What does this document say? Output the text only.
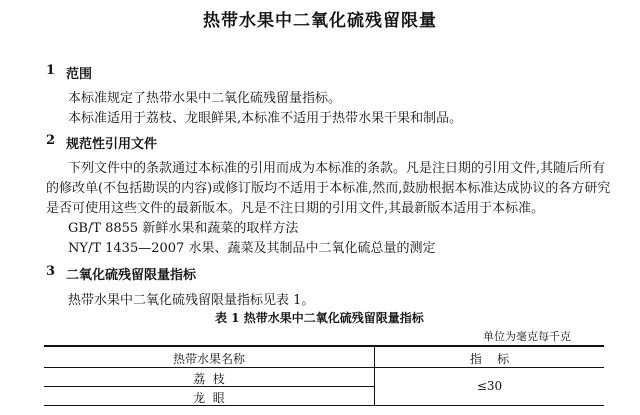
热带水果中二氧化硫残留限量
1 范围
本标准规定了热带水果中二氧化硫残留量指标。
本标准适用于荔枝、龙眼鲜果,本标准不适用于热带水果干果和制品。
2 规范性引用文件
下列文件中的条款通过本标准的引用而成为本标准的条款。凡是注日期的引用文件,其随后所有
的修改单(不包括勘误的内容)或修订版均不适用于本标准,然而,鼓励根据本标准达成协议的各方研究
是否可使用这些文件的最新版本。凡是不注日期的引用文件,其最新版本适用于本标准。
GB/T 8855 新鲜水果和蔬菜的取样方法
NY/T 1435—2007 水果、蔬菜及其制品中二氧化硫总量的测定
3 二氧化硫残留限量指标
热带水果中二氧化硫残留限量指标见表 1。
表 1 热带水果中二氧化硫残留限量指标
单位为毫克每千克
热带水果名称	指    标
荔  枝
龙  眼
≤30
